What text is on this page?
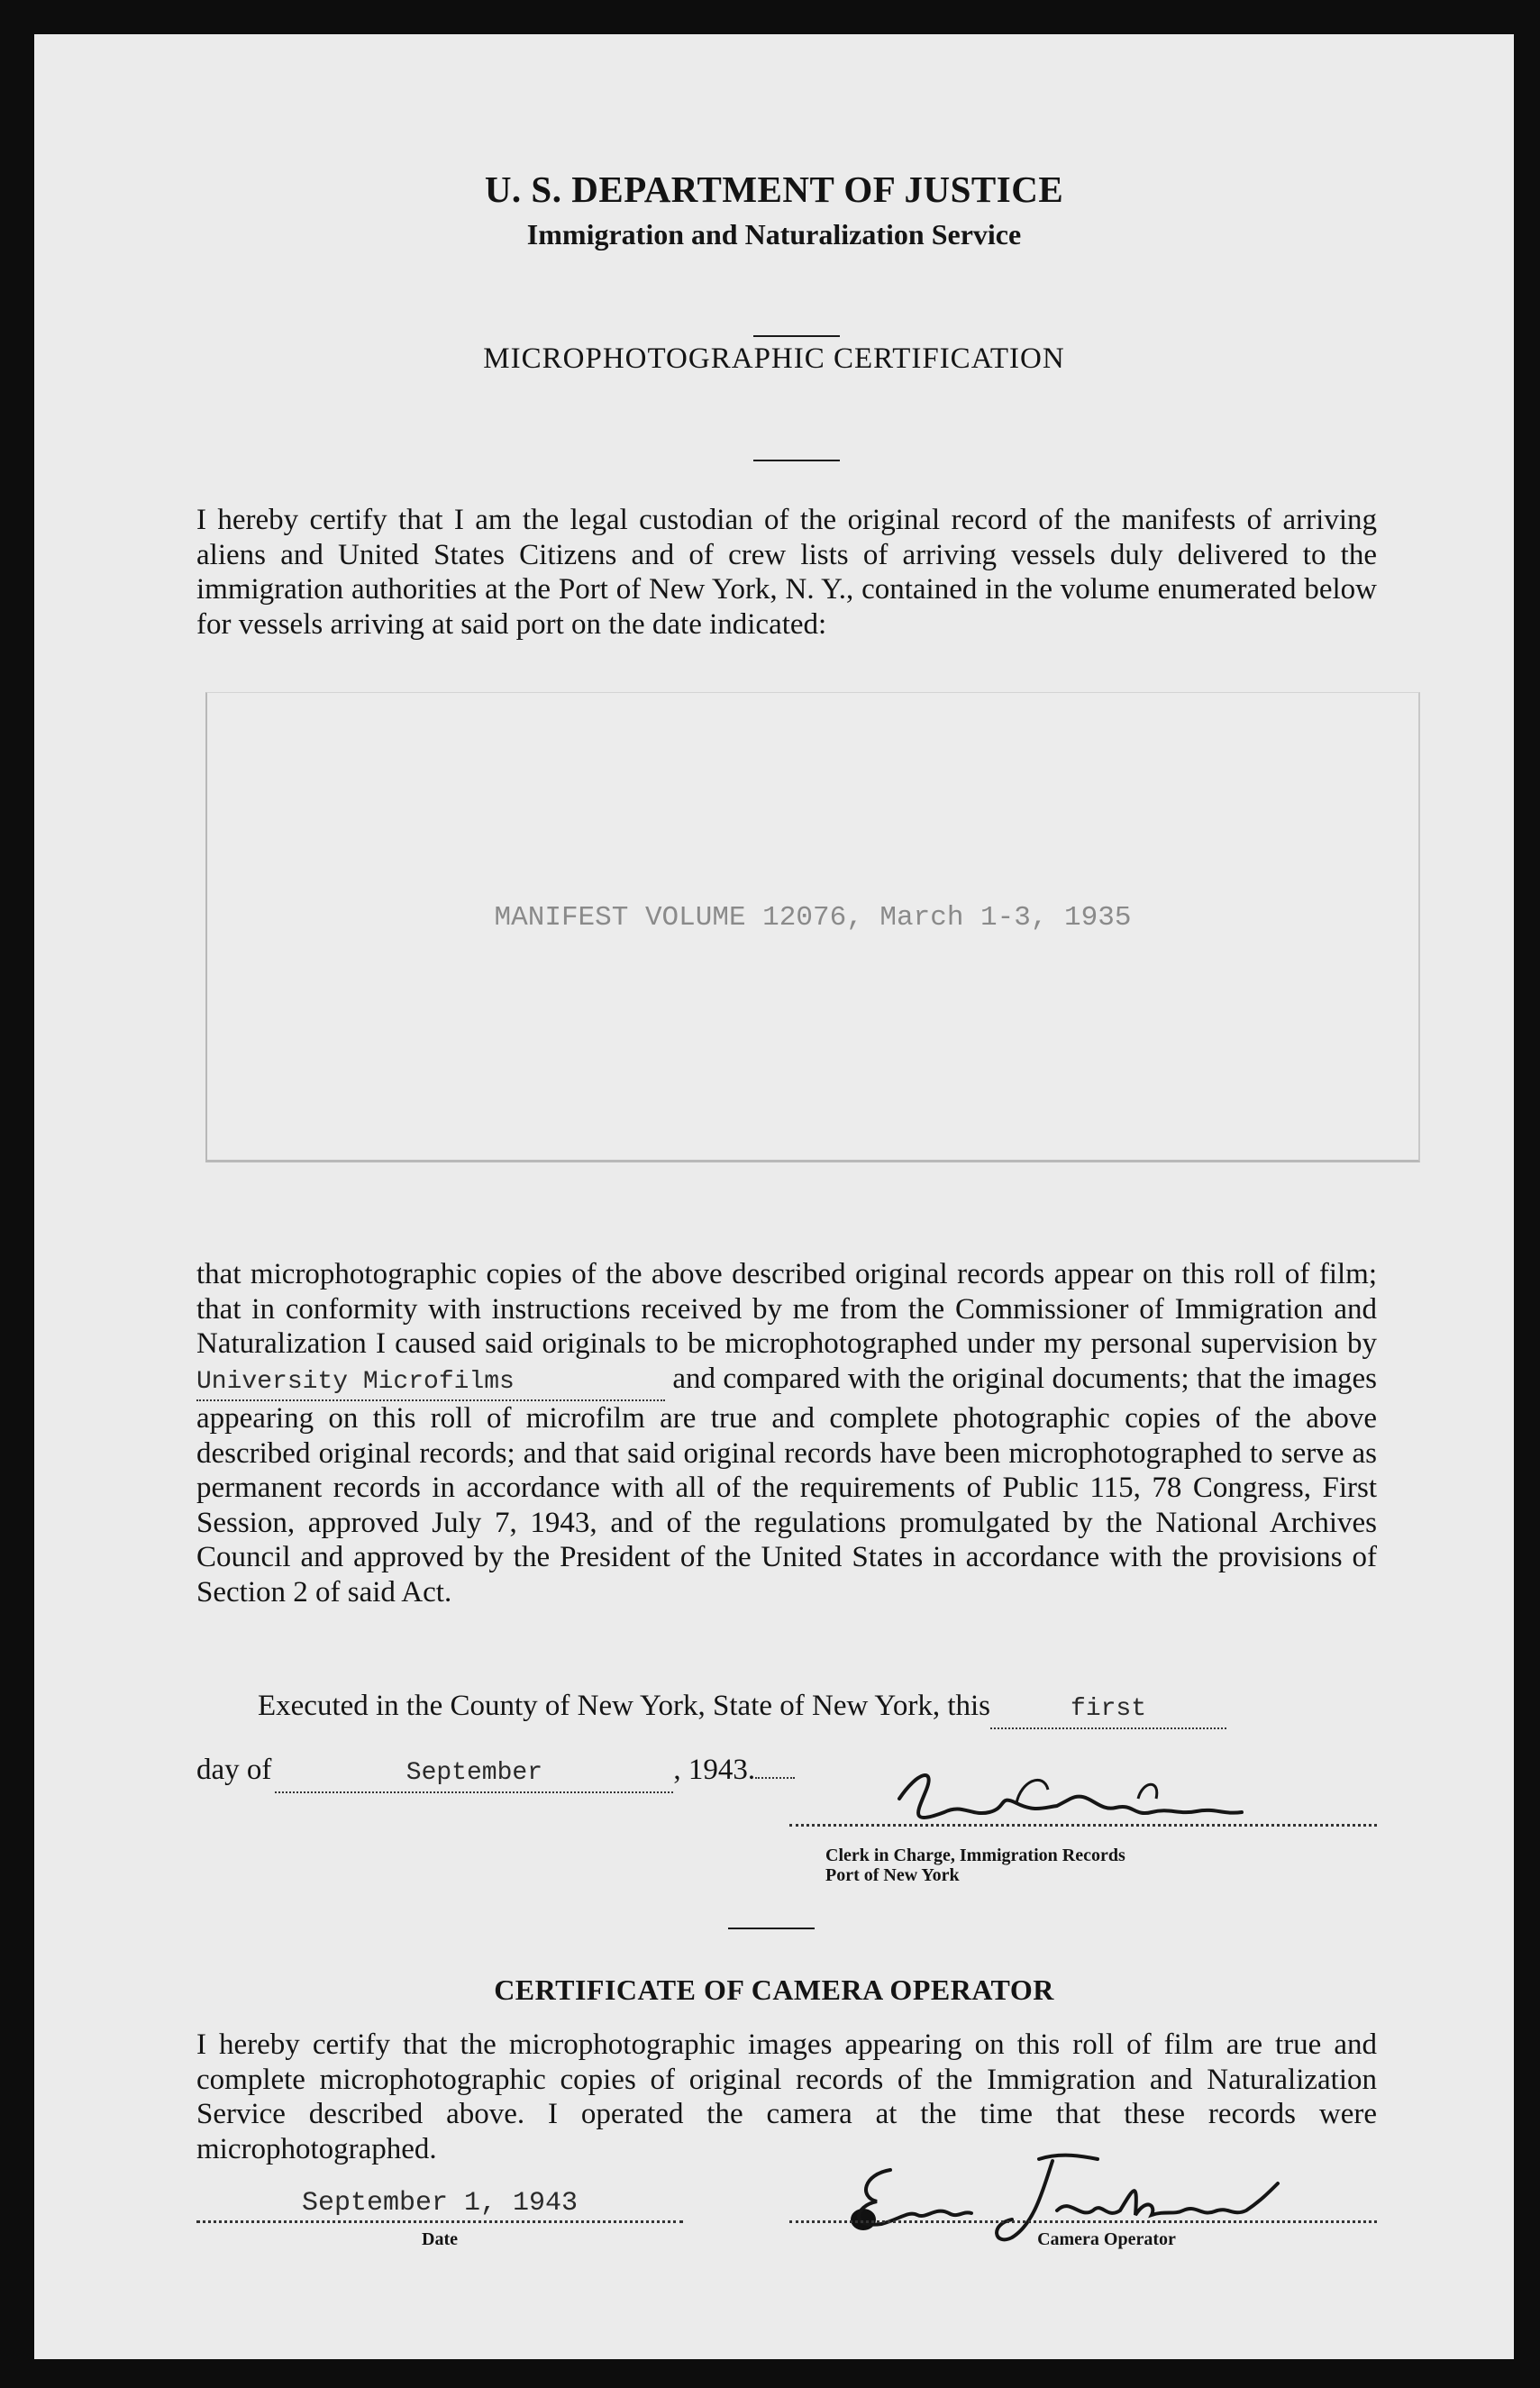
U. S. DEPARTMENT OF JUSTICE
Immigration and Naturalization Service
MICROPHOTOGRAPHIC CERTIFICATION
I hereby certify that I am the legal custodian of the original record of the manifests of arriving aliens and United States Citizens and of crew lists of arriving vessels duly delivered to the immigration authorities at the Port of New York, N. Y., contained in the volume enumerated below for vessels arriving at said port on the date indicated:
MANIFEST VOLUME 12076, March 1-3, 1935
that microphotographic copies of the above described original records appear on this roll of film; that in conformity with instructions received by me from the Commissioner of Immigration and Naturalization I caused said originals to be microphotographed under my personal supervision byUniversity Microfilms	and compared with the original documents; that the images appearing on this roll of microfilm are true and complete photographic copies of the above described original records; and that said original records have been microphotographed to serve as permanent records in accordance with all of the requirements of Public 115, 78 Congress, First Session, approved July 7, 1943, and of the regulations promulgated by the National Archives Council and approved by the President of the United States in accordance with the provisions of Section 2 of said Act.
Executed in the County of New York, State of New York, this	first
day of	September	, 1943.
Clerk in Charge, Immigration Records
Port of New York
CERTIFICATE OF CAMERA OPERATOR
I hereby certify that the microphotographic images appearing on this roll of film are true and complete microphotographic copies of original records of the Immigration and Naturalization Service described above. I operated the camera at the time that these records were microphotographed.
September 1, 1943
Date	Camera Operator
